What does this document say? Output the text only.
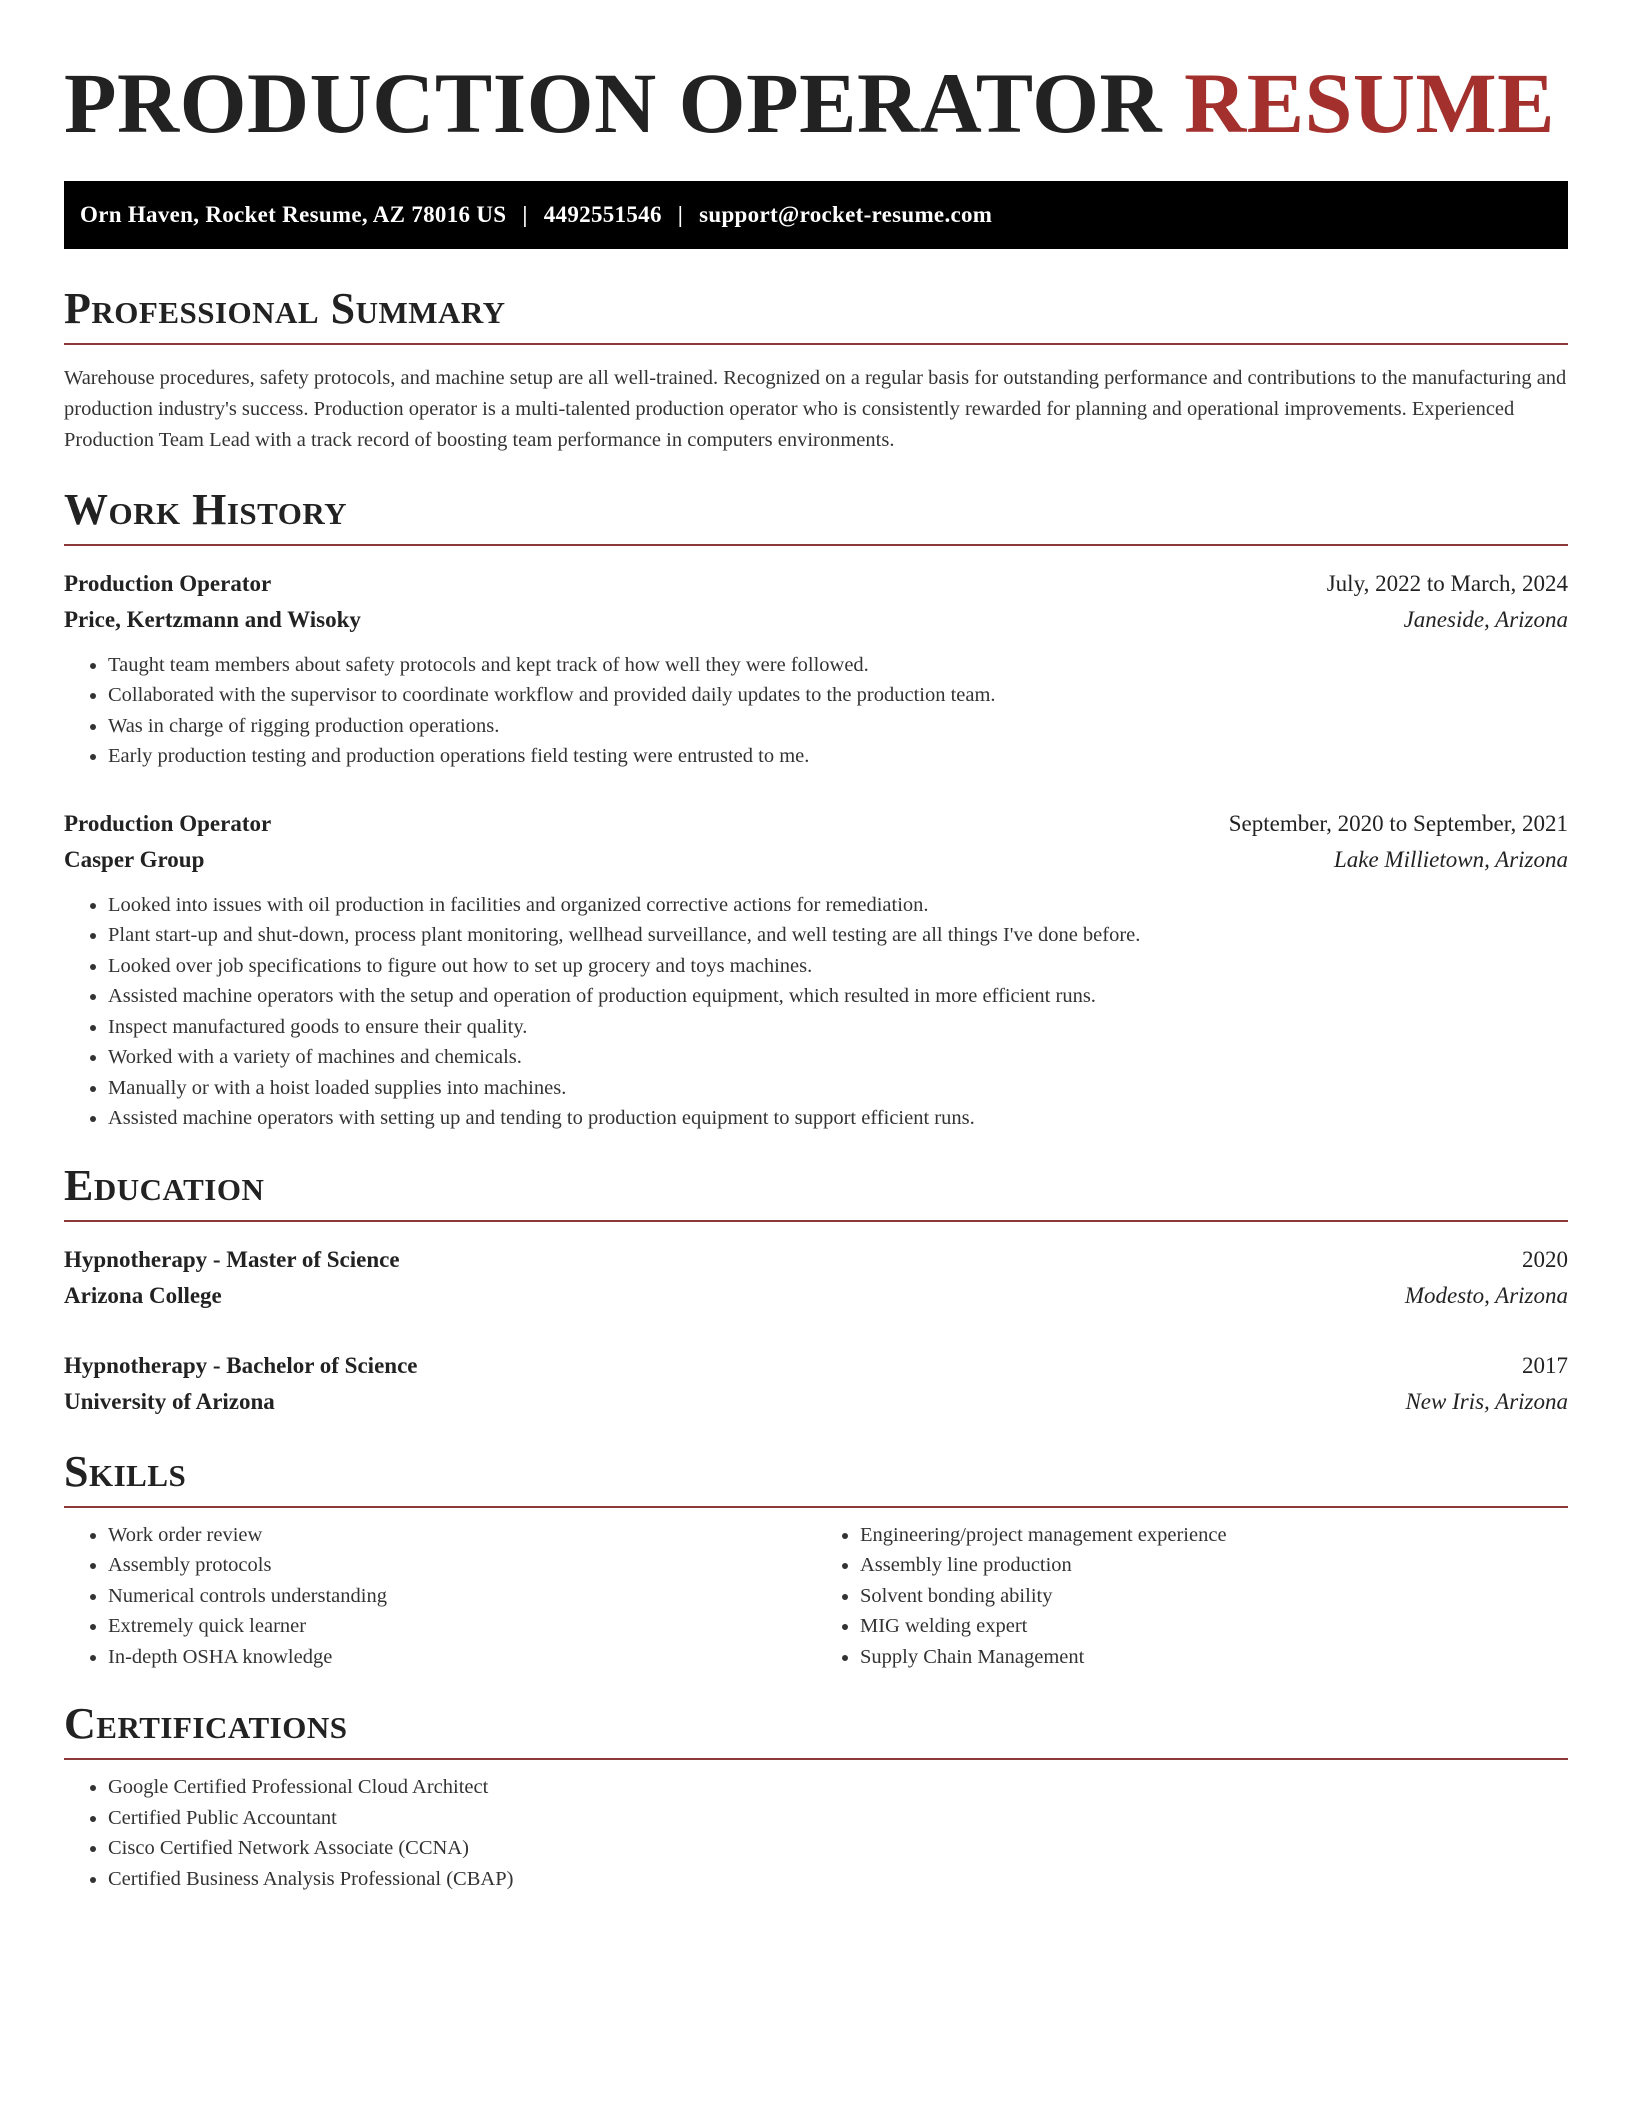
PRODUCTION OPERATOR RESUME
Orn Haven, Rocket Resume, AZ 78016 US | 4492551546 | support@rocket-resume.com
Professional Summary

Warehouse procedures, safety protocols, and machine setup are all well-trained. Recognized on a regular basis for outstanding performance and contributions to the manufacturing and production industry's success. Production operator is a multi-talented production operator who is consistently rewarded for planning and operational improvements. Experienced Production Team Lead with a track record of boosting team performance in computers environments.

Work History
Production Operator	July, 2022 to March, 2024
Price, Kertzmann and Wisoky	Janeside, Arizona
• Taught team members about safety protocols and kept track of how well they were followed.
• Collaborated with the supervisor to coordinate workflow and provided daily updates to the production team.
• Was in charge of rigging production operations.
• Early production testing and production operations field testing were entrusted to me.
Production Operator	September, 2020 to September, 2021
Casper Group	Lake Millietown, Arizona
• Looked into issues with oil production in facilities and organized corrective actions for remediation.
• Plant start-up and shut-down, process plant monitoring, wellhead surveillance, and well testing are all things I've done before.
• Looked over job specifications to figure out how to set up grocery and toys machines.
• Assisted machine operators with the setup and operation of production equipment, which resulted in more efficient runs.
• Inspect manufactured goods to ensure their quality.
• Worked with a variety of machines and chemicals.
• Manually or with a hoist loaded supplies into machines.
• Assisted machine operators with setting up and tending to production equipment to support efficient runs.
Education
Hypnotherapy - Master of Science	2020
Arizona College	Modesto, Arizona
Hypnotherapy - Bachelor of Science	2017
University of Arizona	New Iris, Arizona
Skills
• Work order review
• Assembly protocols
• Numerical controls understanding
• Extremely quick learner
• In-depth OSHA knowledge
• Engineering/project management experience
• Assembly line production
• Solvent bonding ability
• MIG welding expert
• Supply Chain Management
Certifications
• Google Certified Professional Cloud Architect
• Certified Public Accountant
• Cisco Certified Network Associate (CCNA)
• Certified Business Analysis Professional (CBAP)
